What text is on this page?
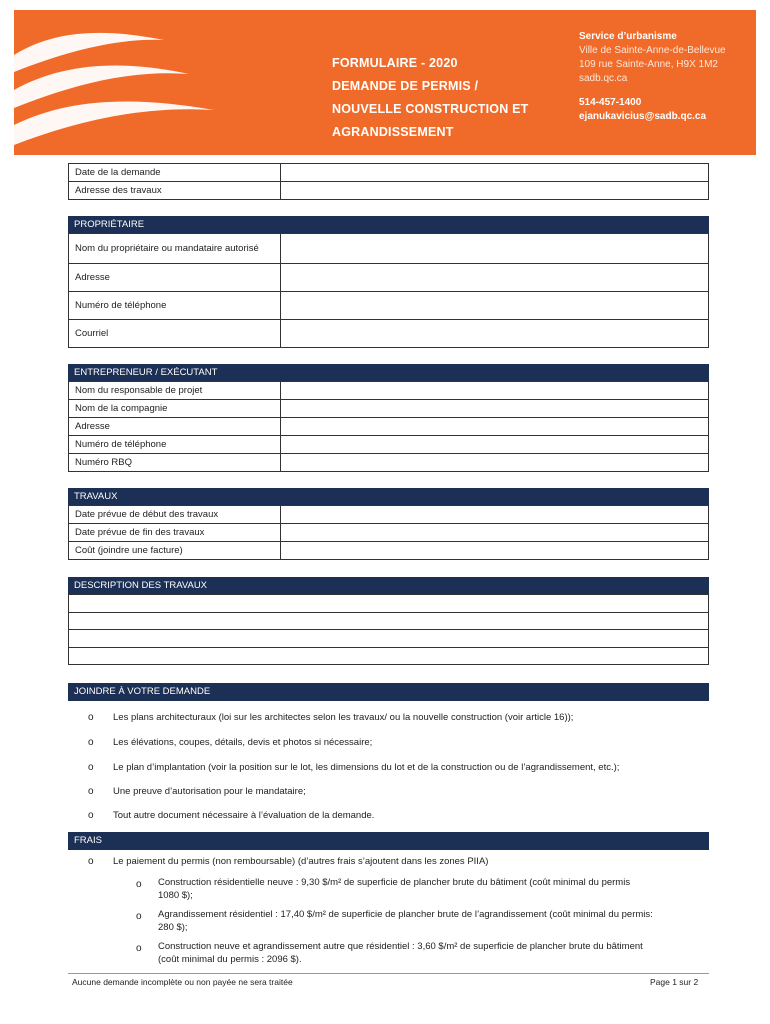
FORMULAIRE - 2020
DEMANDE DE PERMIS /
NOUVELLE CONSTRUCTION ET
AGRANDISSEMENT
Service d’urbanisme
Ville de Sainte-Anne-de-Bellevue
109 rue Sainte-Anne, H9X 1M2
sadb.qc.ca
514-457-1400
ejanukavicius@sadb.qc.ca
Date de la demande	
Adresse des travaux	
PROPRIÉTAIRE
Nom du propriétaire ou mandataire autorisé	
Adresse	
Numéro de téléphone	
Courriel	
ENTREPRENEUR / EXÉCUTANT
Nom du responsable de projet	
Nom de la compagnie	
Adresse	
Numéro de téléphone	
Numéro RBQ	
TRAVAUX
Date prévue de début des travaux	
Date prévue de fin des travaux	
Coût (joindre une facture)	
DESCRIPTION DES TRAVAUX

JOINDRE À VOTRE DEMANDE
o Les plans architecturaux (loi sur les architectes selon les travaux/ ou la nouvelle construction (voir article 16));
o Les élévations, coupes, détails, devis et photos si nécessaire;
o Le plan d’implantation (voir la position sur le lot, les dimensions du lot et de la construction ou de l’agrandissement, etc.);
o Une preuve d’autorisation pour le mandataire;
o Tout autre document nécessaire à l’évaluation de la demande.
FRAIS
o Le paiement du permis (non remboursable) (d’autres frais s’ajoutent dans les zones PIIA)
o Construction résidentielle neuve : 9,30 $/m² de superficie de plancher brute du bâtiment (coût minimal du permis
1080 $);
o Agrandissement résidentiel : 17,40 $/m² de superficie de plancher brute de l’agrandissement (coût minimal du permis:
280 $);
o Construction neuve et agrandissement autre que résidentiel : 3,60 $/m² de superficie de plancher brute du bâtiment
(coût minimal du permis : 2096 $).
Aucune demande incomplète ou non payée ne sera traitée	Page 1 sur 2
